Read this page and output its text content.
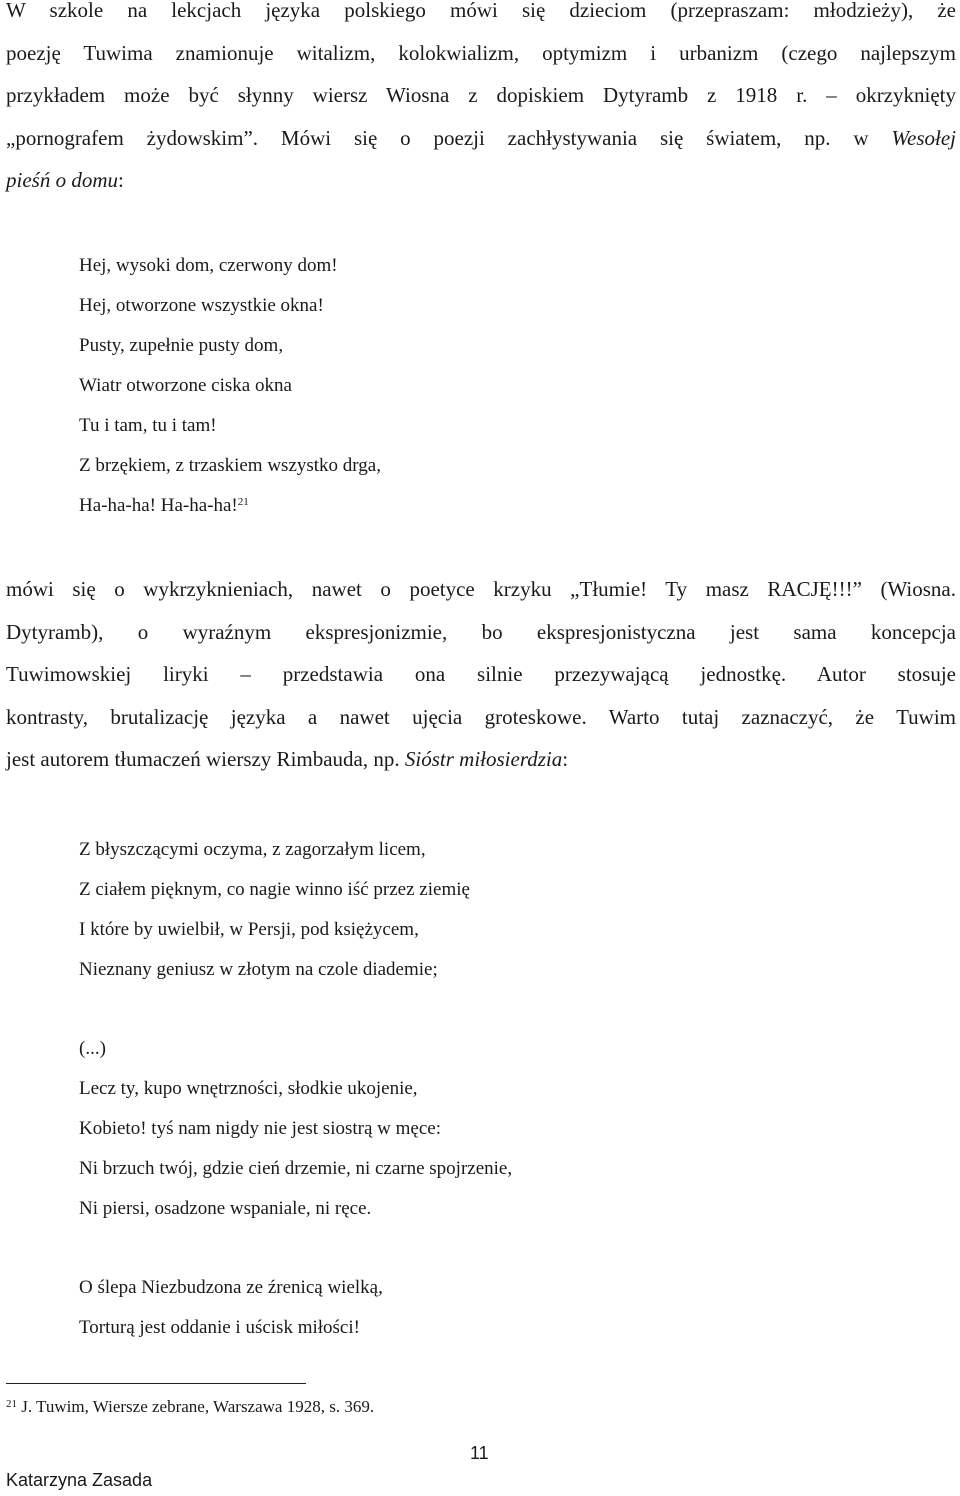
W szkole na lekcjach języka polskiego mówi się dzieciom (przepraszam: młodzieży), że
poezję Tuwima znamionuje witalizm, kolokwializm, optymizm i urbanizm (czego najlepszym
przykładem może być słynny wiersz Wiosna z dopiskiem Dytyramb z 1918 r. – okrzyknięty
„pornografem żydowskim”. Mówi się o poezji zachłystywania się światem, np. w Wesołej
pieśń o domu:
Hej, wysoki dom, czerwony dom!
Hej, otworzone wszystkie okna!
Pusty, zupełnie pusty dom,
Wiatr otworzone ciska okna
Tu i tam, tu i tam!
Z brzękiem, z trzaskiem wszystko drga,
Ha-ha-ha! Ha-ha-ha!$^{21}$
mówi się o wykrzyknieniach, nawet o poetyce krzyku „Tłumie! Ty masz RACJĘ!!!” (Wiosna.
Dytyramb), o wyraźnym ekspresjonizmie, bo ekspresjonistyczna jest sama koncepcja
Tuwimowskiej liryki – przedstawia ona silnie przezywającą jednostkę. Autor stosuje
kontrasty, brutalizację języka a nawet ujęcia groteskowe. Warto tutaj zaznaczyć, że Tuwim
jest autorem tłumaczeń wierszy Rimbauda, np. Sióstr miłosierdzia:
Z błyszczącymi oczyma, z zagorzałym licem,
Z ciałem pięknym, co nagie winno iść przez ziemię
I które by uwielbił, w Persji, pod księżycem,
Nieznany geniusz w złotym na czole diademie;
(...)
Lecz ty, kupo wnętrzności, słodkie ukojenie,
Kobieto! tyś nam nigdy nie jest siostrą w męce:
Ni brzuch twój, gdzie cień drzemie, ni czarne spojrzenie,
Ni piersi, osadzone wspaniale, ni ręce.
O ślepa Niezbudzona ze źrenicą wielką,
Torturą jest oddanie i uścisk miłości!
$^{21}$ J. Tuwim, Wiersze zebrane, Warszawa 1928, s. 369.
11
Katarzyna Zasada
